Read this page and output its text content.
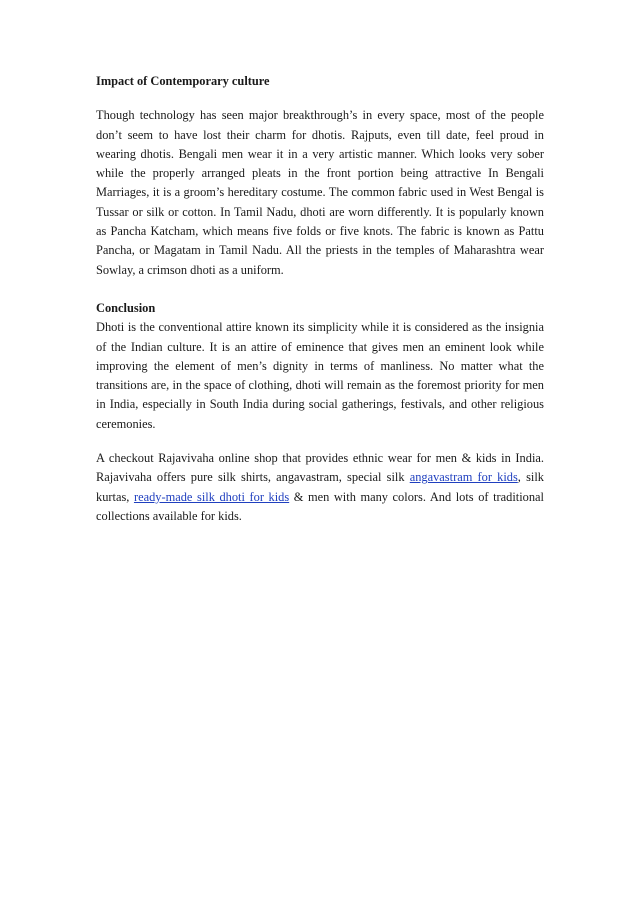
Impact of Contemporary culture

Though technology has seen major breakthrough’s in every space, most of the people don’t seem to have lost their charm for dhotis. Rajputs, even till date, feel proud in wearing dhotis. Bengali men wear it in a very artistic manner. Which looks very sober while the properly arranged pleats in the front portion being attractive In Bengali Marriages, it is a groom’s hereditary costume. The common fabric used in West Bengal is Tussar or silk or cotton. In Tamil Nadu, dhoti are worn differently. It is popularly known as Pancha Katcham, which means five folds or five knots. The fabric is known as Pattu Pancha, or Magatam in Tamil Nadu. All the priests in the temples of Maharashtra wear Sowlay, a crimson dhoti as a uniform.

Conclusion

Dhoti is the conventional attire known its simplicity while it is considered as the insignia of the Indian culture. It is an attire of eminence that gives men an eminent look while improving the element of men’s dignity in terms of manliness. No matter what the transitions are, in the space of clothing, dhoti will remain as the foremost priority for men in India, especially in South India during social gatherings, festivals, and other religious ceremonies.

A checkout Rajavivaha online shop that provides ethnic wear for men & kids in India. Rajavivaha offers pure silk shirts, angavastram, special silk angavastram for kids, silk kurtas, ready-made silk dhoti for kids & men with many colors. And lots of traditional collections available for kids.
